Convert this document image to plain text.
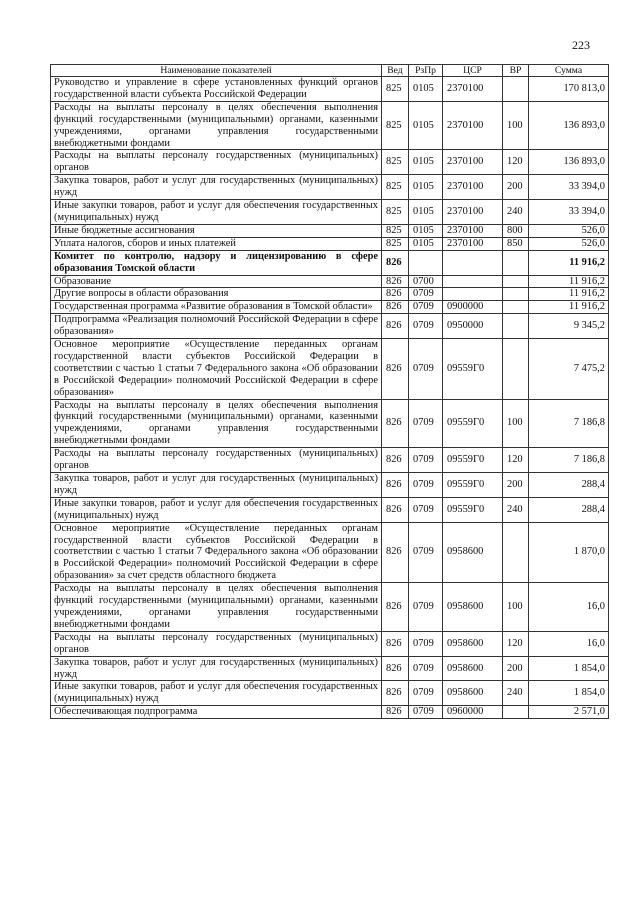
223
Наименование показателей	Вед	РзПр	ЦСР	ВР	Сумма
Руководство и управление в сфере установленных функций органов государственной власти субъекта Российской Федерации	825	0105	2370100		170 813,0
Расходы на выплаты персоналу в целях обеспечения выполнения функций государственными (муниципальными) органами, казенными учреждениями, органами управления государственными внебюджетными фондами	825	0105	2370100	100	136 893,0
Расходы на выплаты персоналу государственных (муниципальных) органов	825	0105	2370100	120	136 893,0
Закупка товаров, работ и услуг для государственных (муниципальных) нужд	825	0105	2370100	200	33 394,0
Иные закупки товаров, работ и услуг для обеспечения государственных (муниципальных) нужд	825	0105	2370100	240	33 394,0
Иные бюджетные ассигнования	825	0105	2370100	800	526,0
Уплата налогов, сборов и иных платежей	825	0105	2370100	850	526,0
Комитет по контролю, надзору и лицензированию в сфере образования Томской области	826				11 916,2
Образование	826	0700			11 916,2
Другие вопросы в области образования	826	0709			11 916,2
Государственная программа «Развитие образования в Томской области»	826	0709	0900000		11 916,2
Подпрограмма «Реализация полномочий Российской Федерации в сфере образования»	826	0709	0950000		9 345,2
Основное мероприятие «Осуществление переданных органам государственной власти субъектов Российской Федерации в соответствии с частью 1 статьи 7 Федерального закона «Об образовании в Российской Федерации» полномочий Российской Федерации в сфере образования»	826	0709	09559Г0		7 475,2
Расходы на выплаты персоналу в целях обеспечения выполнения функций государственными (муниципальными) органами, казенными учреждениями, органами управления государственными внебюджетными фондами	826	0709	09559Г0	100	7 186,8
Расходы на выплаты персоналу государственных (муниципальных) органов	826	0709	09559Г0	120	7 186,8
Закупка товаров, работ и услуг для государственных (муниципальных) нужд	826	0709	09559Г0	200	288,4
Иные закупки товаров, работ и услуг для обеспечения государственных (муниципальных) нужд	826	0709	09559Г0	240	288,4
Основное мероприятие «Осуществление переданных органам государственной власти субъектов Российской Федерации в соответствии с частью 1 статьи 7 Федерального закона «Об образовании в Российской Федерации» полномочий Российской Федерации в сфере образования» за счет средств областного бюджета	826	0709	0958600		1 870,0
Расходы на выплаты персоналу в целях обеспечения выполнения функций государственными (муниципальными) органами, казенными учреждениями, органами управления государственными внебюджетными фондами	826	0709	0958600	100	16,0
Расходы на выплаты персоналу государственных (муниципальных) органов	826	0709	0958600	120	16,0
Закупка товаров, работ и услуг для государственных (муниципальных) нужд	826	0709	0958600	200	1 854,0
Иные закупки товаров, работ и услуг для обеспечения государственных (муниципальных) нужд	826	0709	0958600	240	1 854,0
Обеспечивающая подпрограмма	826	0709	0960000		2 571,0
